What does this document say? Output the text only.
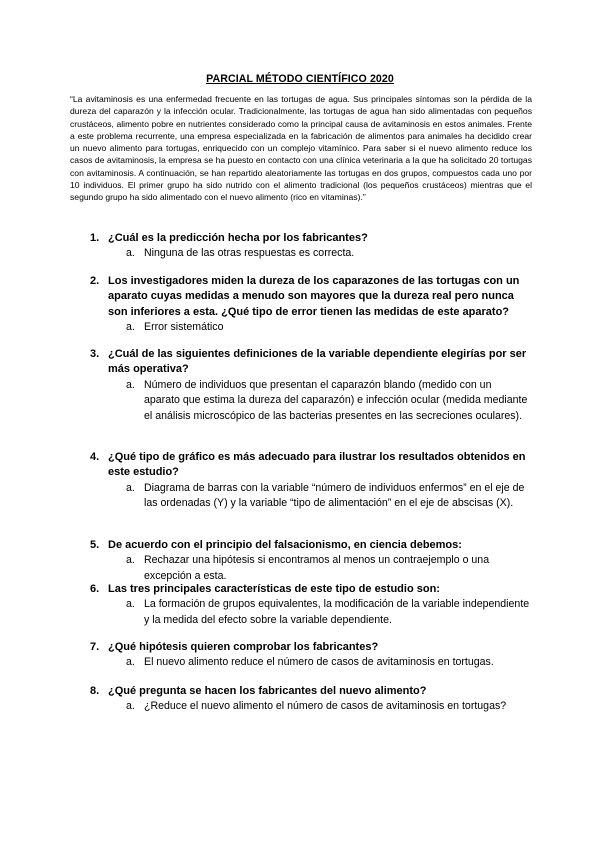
PARCIAL MÉTODO CIENTÍFICO 2020
“La avitaminosis es una enfermedad frecuente en las tortugas de agua. Sus principales síntomas son la pérdida de la dureza del caparazón y la infección ocular. Tradicionalmente, las tortugas de agua han sido alimentadas con pequeños crustáceos, alimento pobre en nutrientes considerado como la principal causa de avitaminosis en estos animales. Frente a este problema recurrente, una empresa especializada en la fabricación de alimentos para animales ha decidido crear un nuevo alimento para tortugas, enriquecido con un complejo vitamínico. Para saber si el nuevo alimento reduce los casos de avitaminosis, la empresa se ha puesto en contacto con una clínica veterinaria a la que ha solicitado 20 tortugas con avitaminosis. A continuación, se han repartido aleatoriamente las tortugas en dos grupos, compuestos cada uno por 10 individuos. El primer grupo ha sido nutrido con el alimento tradicional (los pequeños crustáceos) mientras que el segundo grupo ha sido alimentado con el nuevo alimento (rico en vitaminas).”
1. ¿Cuál es la predicción hecha por los fabricantes?
a. Ninguna de las otras respuestas es correcta.
2. Los investigadores miden la dureza de los caparazones de las tortugas con un aparato cuyas medidas a menudo son mayores que la dureza real pero nunca son inferiores a esta. ¿Qué tipo de error tienen las medidas de este aparato?
a. Error sistemático
3. ¿Cuál de las siguientes definiciones de la variable dependiente elegirías por ser más operativa?
a. Número de individuos que presentan el caparazón blando (medido con un aparato que estima la dureza del caparazón) e infección ocular (medida mediante el análisis microscópico de las bacterias presentes en las secreciones oculares).
4. ¿Qué tipo de gráfico es más adecuado para ilustrar los resultados obtenidos en este estudio?
a. Diagrama de barras con la variable “número de individuos enfermos” en el eje de las ordenadas (Y) y la variable “tipo de alimentación” en el eje de abscisas (X).
5. De acuerdo con el principio del falsacionismo, en ciencia debemos:
a. Rechazar una hipótesis si encontramos al menos un contraejemplo o una excepción a esta.
6. Las tres principales características de este tipo de estudio son:
a. La formación de grupos equivalentes, la modificación de la variable independiente y la medida del efecto sobre la variable dependiente.
7. ¿Qué hipótesis quieren comprobar los fabricantes?
a. El nuevo alimento reduce el número de casos de avitaminosis en tortugas.
8. ¿Qué pregunta se hacen los fabricantes del nuevo alimento?
a. ¿Reduce el nuevo alimento el número de casos de avitaminosis en tortugas?
